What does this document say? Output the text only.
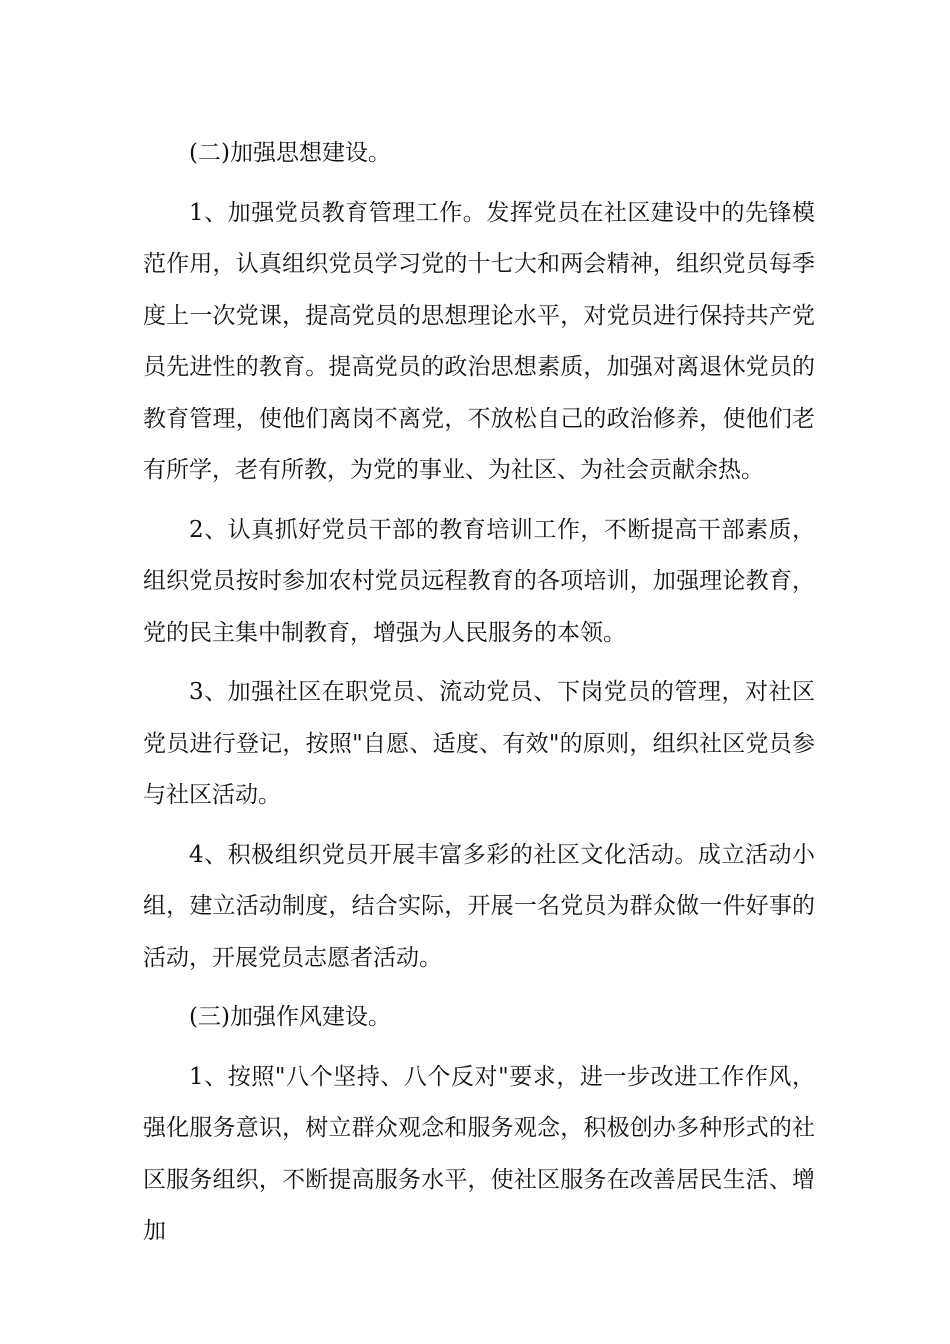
(二)加强思想建设。

1、加强党员教育管理工作。发挥党员在社区建设中的先锋模范作用，认真组织党员学习党的十七大和两会精神，组织党员每季度上一次党课，提高党员的思想理论水平，对党员进行保持共产党员先进性的教育。提高党员的政治思想素质，加强对离退休党员的教育管理，使他们离岗不离党，不放松自己的政治修养，使他们老有所学，老有所教，为党的事业、为社区、为社会贡献余热。

2、认真抓好党员干部的教育培训工作，不断提高干部素质，组织党员按时参加农村党员远程教育的各项培训，加强理论教育，党的民主集中制教育，增强为人民服务的本领。

3、加强社区在职党员、流动党员、下岗党员的管理，对社区党员进行登记，按照"自愿、适度、有效"的原则，组织社区党员参与社区活动。

4、积极组织党员开展丰富多彩的社区文化活动。成立活动小组，建立活动制度，结合实际，开展一名党员为群众做一件好事的活动，开展党员志愿者活动。

(三)加强作风建设。

1、按照"八个坚持、八个反对"要求，进一步改进工作作风，强化服务意识，树立群众观念和服务观念，积极创办多种形式的社区服务组织，不断提高服务水平，使社区服务在改善居民生活、增加
